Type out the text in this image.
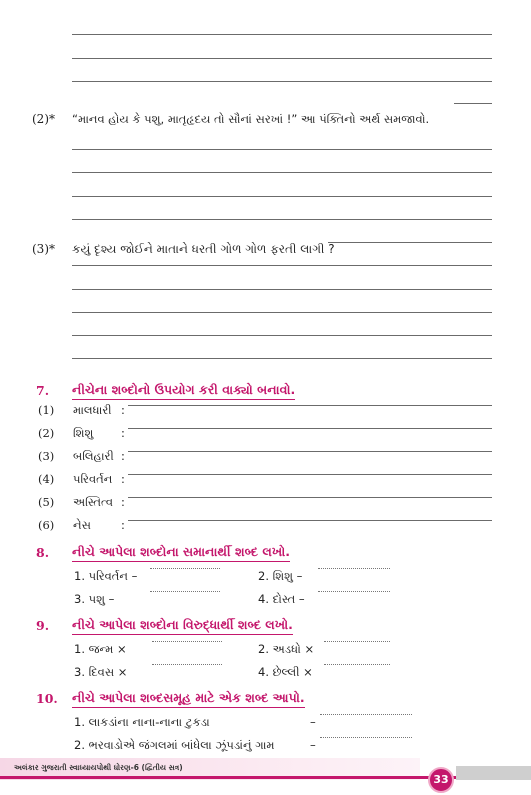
(2)* “માનવ હોય કે પશુ, માતૃહૃદય તો સૌનાં સરખાં !” આ પંક્તિનો અર્થ સમજાવો.
(3)* કયું દૃશ્ય જોઈને માતાને ધરતી ગોળ ગોળ ફરતી લાગી ?
7. નીચેના શબ્દોનો ઉપયોગ કરી વાક્યો બનાવો.
(1) માલધારી :
(2) શિશુ :
(3) બલિહારી :
(4) પરિવર્તન :
(5) અસ્તિત્વ :
(6) નેસ	:
8. નીચે આપેલા શબ્દોના સમાનાર્થી શબ્દ લખો.
1. પરિવર્તન –	2. શિશુ –
3. પશુ –	4. દોસ્ત –
9. નીચે આપેલા શબ્દોના વિરુદ્ધાર્થી શબ્દ લખો.
1. જન્મ ×	2. અડધો ×
3. દિવસ ×	4. છેલ્લી ×
10. નીચે આપેલા શબ્દસમૂહ માટે એક શબ્દ આપો.
1. લાકડાંના નાના-નાના ટુકડા	–
2. ભરવાડોએ જંગલમાં બાંધેલા ઝૂંપડાંનું ગામ	–
અલંકાર ગુજરાતી સ્વાધ્યાયપોથી ધોરણ-6 (દ્વિતીય સત્ર)
33
